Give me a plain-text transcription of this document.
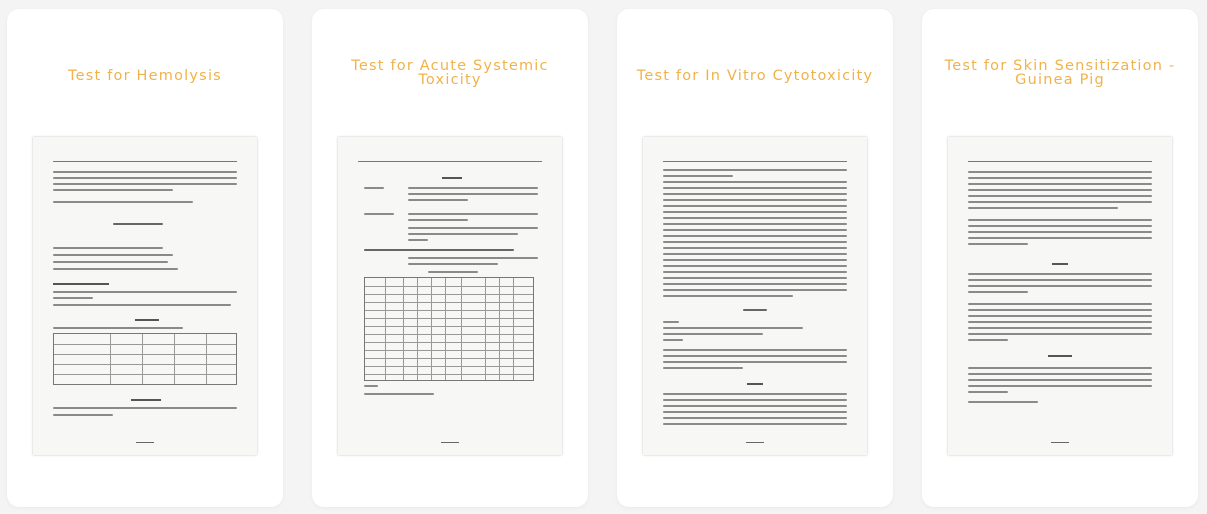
Test for Hemolysis
Test for Acute Systemic Toxicity	Test for In Vitro Cytotoxicity
Test for Skin Sensitization - Guinea Pig
